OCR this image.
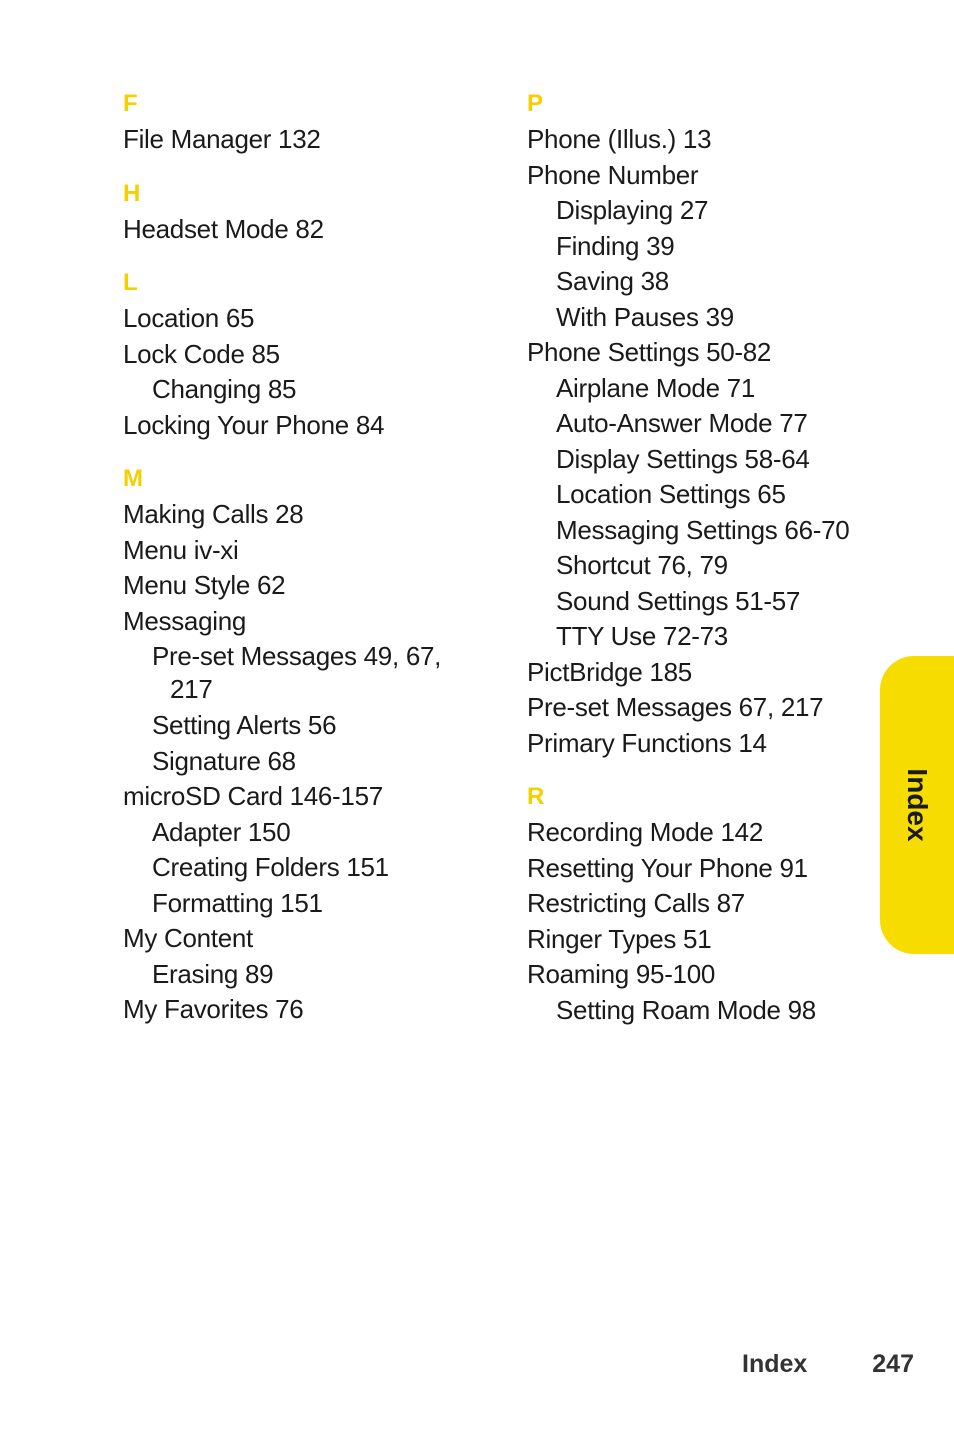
F
File Manager 132
H
Headset Mode 82
L
Location 65
Lock Code 85
Changing 85
Locking Your Phone 84
M
Making Calls 28
Menu iv-xi
Menu Style 62
Messaging
Pre-set Messages 49, 67,
217
Setting Alerts 56
Signature 68
microSD Card 146-157
Adapter 150
Creating Folders 151
Formatting 151
My Content
Erasing 89
My Favorites 76
P
Phone (Illus.) 13
Phone Number
Displaying 27
Finding 39
Saving 38
With Pauses 39
Phone Settings 50-82
Airplane Mode 71
Auto-Answer Mode 77
Display Settings 58-64
Location Settings 65
Messaging Settings 66-70
Shortcut 76, 79
Sound Settings 51-57
TTY Use 72-73
PictBridge 185
Pre-set Messages 67, 217
Primary Functions 14
R
Recording Mode 142
Resetting Your Phone 91
Restricting Calls 87
Ringer Types 51
Roaming 95-100
Setting Roam Mode 98
Index
Index	247
